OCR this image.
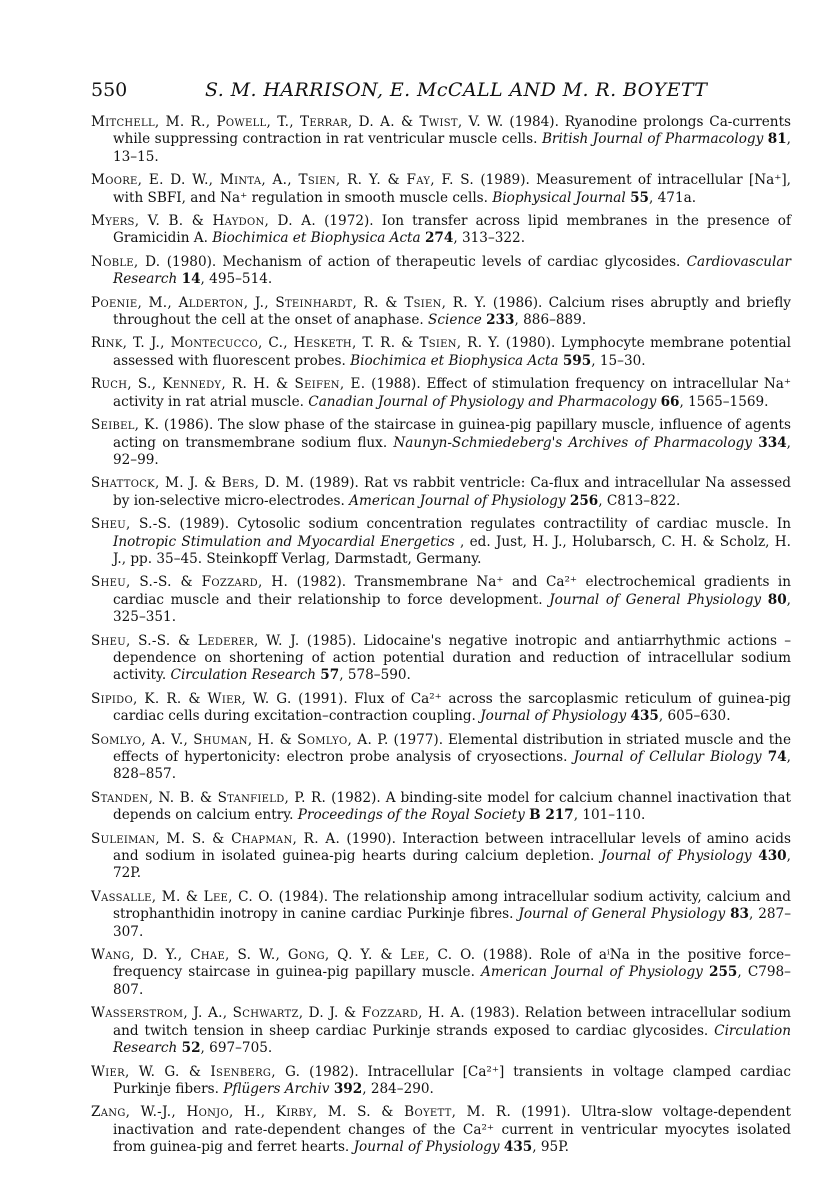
550	S. M. HARRISON, E. McCALL AND M. R. BOYETT

Mitchell, M. R., Powell, T., Terrar, D. A. & Twist, V. W. (1984). Ryanodine prolongs Ca-currents while suppressing contraction in rat ventricular muscle cells. British Journal of Pharmacology 81, 13–15.

Moore, E. D. W., Minta, A., Tsien, R. Y. & Fay, F. S. (1989). Measurement of intracellular [Na⁺], with SBFI, and Na⁺ regulation in smooth muscle cells. Biophysical Journal 55, 471a.

Myers, V. B. & Haydon, D. A. (1972). Ion transfer across lipid membranes in the presence of Gramicidin A. Biochimica et Biophysica Acta 274, 313–322.

Noble, D. (1980). Mechanism of action of therapeutic levels of cardiac glycosides. Cardiovascular Research 14, 495–514.

Poenie, M., Alderton, J., Steinhardt, R. & Tsien, R. Y. (1986). Calcium rises abruptly and briefly throughout the cell at the onset of anaphase. Science 233, 886–889.

Rink, T. J., Montecucco, C., Hesketh, T. R. & Tsien, R. Y. (1980). Lymphocyte membrane potential assessed with fluorescent probes. Biochimica et Biophysica Acta 595, 15–30.

Ruch, S., Kennedy, R. H. & Seifen, E. (1988). Effect of stimulation frequency on intracellular Na⁺ activity in rat atrial muscle. Canadian Journal of Physiology and Pharmacology 66, 1565–1569.

Seibel, K. (1986). The slow phase of the staircase in guinea-pig papillary muscle, influence of agents acting on transmembrane sodium flux. Naunyn-Schmiedeberg's Archives of Pharmacology 334, 92–99.

Shattock, M. J. & Bers, D. M. (1989). Rat vs rabbit ventricle: Ca-flux and intracellular Na assessed by ion-selective micro-electrodes. American Journal of Physiology 256, C813–822.

Sheu, S.-S. (1989). Cytosolic sodium concentration regulates contractility of cardiac muscle. In Inotropic Stimulation and Myocardial Energetics , ed. Just, H. J., Holubarsch, C. H. & Scholz, H. J., pp. 35–45. Steinkopff Verlag, Darmstadt, Germany.

Sheu, S.-S. & Fozzard, H. (1982). Transmembrane Na⁺ and Ca²⁺ electrochemical gradients in cardiac muscle and their relationship to force development. Journal of General Physiology 80, 325–351.

Sheu, S.-S. & Lederer, W. J. (1985). Lidocaine's negative inotropic and antiarrhythmic actions – dependence on shortening of action potential duration and reduction of intracellular sodium activity. Circulation Research 57, 578–590.

Sipido, K. R. & Wier, W. G. (1991). Flux of Ca²⁺ across the sarcoplasmic reticulum of guinea-pig cardiac cells during excitation–contraction coupling. Journal of Physiology 435, 605–630.

Somlyo, A. V., Shuman, H. & Somlyo, A. P. (1977). Elemental distribution in striated muscle and the effects of hypertonicity: electron probe analysis of cryosections. Journal of Cellular Biology 74, 828–857.

Standen, N. B. & Stanfield, P. R. (1982). A binding-site model for calcium channel inactivation that depends on calcium entry. Proceedings of the Royal Society B 217, 101–110.

Suleiman, M. S. & Chapman, R. A. (1990). Interaction between intracellular levels of amino acids and sodium in isolated guinea-pig hearts during calcium depletion. Journal of Physiology 430, 72P.

Vassalle, M. & Lee, C. O. (1984). The relationship among intracellular sodium activity, calcium and strophanthidin inotropy in canine cardiac Purkinje fibres. Journal of General Physiology 83, 287–307.

Wang, D. Y., Chae, S. W., Gong, Q. Y. & Lee, C. O. (1988). Role of aⁱNa in the positive force–frequency staircase in guinea-pig papillary muscle. American Journal of Physiology 255, C798–807.

Wasserstrom, J. A., Schwartz, D. J. & Fozzard, H. A. (1983). Relation between intracellular sodium and twitch tension in sheep cardiac Purkinje strands exposed to cardiac glycosides. Circulation Research 52, 697–705.

Wier, W. G. & Isenberg, G. (1982). Intracellular [Ca²⁺] transients in voltage clamped cardiac Purkinje fibers. Pflügers Archiv 392, 284–290.

Zang, W.-J., Honjo, H., Kirby, M. S. & Boyett, M. R. (1991). Ultra-slow voltage-dependent inactivation and rate-dependent changes of the Ca²⁺ current in ventricular myocytes isolated from guinea-pig and ferret hearts. Journal of Physiology 435, 95P.
